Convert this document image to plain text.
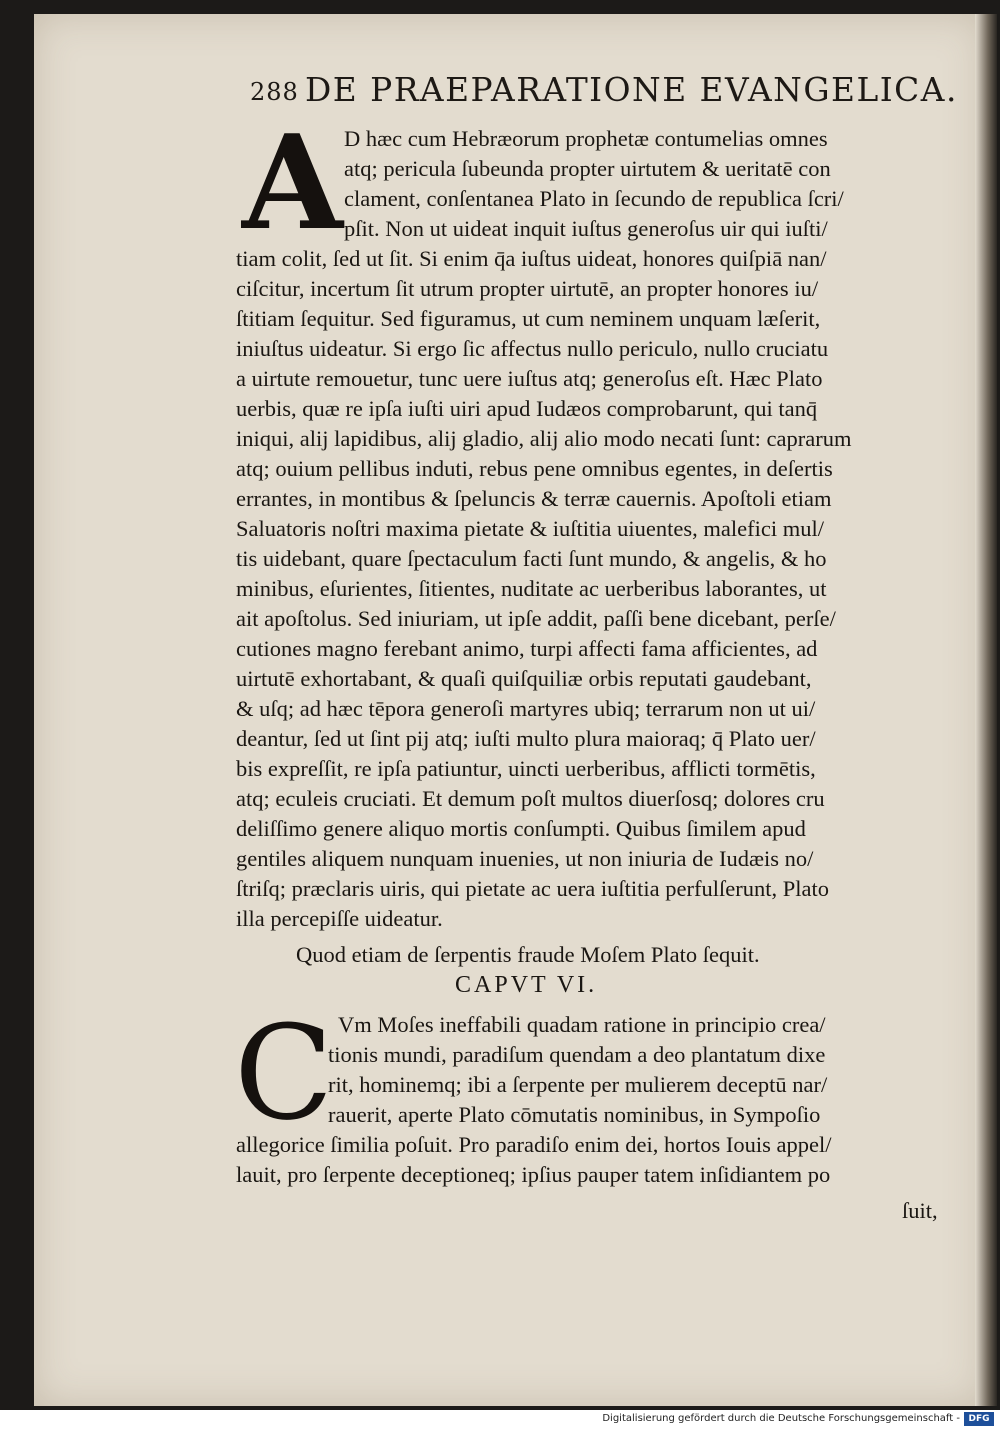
288 DE PRAEPARATIONE EVANGELICA.
A D hæc cum Hebræorum prophetæ contumelias omnes
atq; pericula ſubeunda propter uirtutem & ueritatē con
clament, conſentanea Plato in ſecundo de republica ſcri/
pſit. Non ut uideat inquit iuſtus generoſus uir qui iuſti/
tiam colit, ſed ut ſit. Si enim q̄a iuſtus uideat, honores quiſpiā nan/
ciſcitur, incertum ſit utrum propter uirtutē, an propter honores iu/
ſtitiam ſequitur. Sed figuramus, ut cum neminem unquam læſerit,
iniuſtus uideatur. Si ergo ſic affectus nullo periculo, nullo cruciatu
a uirtute remouetur, tunc uere iuſtus atq; generoſus eſt. Hæc Plato
uerbis, quæ re ipſa iuſti uiri apud Iudæos comprobarunt, qui tanq̄
iniqui, alij lapidibus, alij gladio, alij alio modo necati ſunt: caprarum
atq; ouium pellibus induti, rebus pene omnibus egentes, in deſertis
errantes, in montibus & ſpeluncis & terræ cauernis. Apoſtoli etiam
Saluatoris noſtri maxima pietate & iuſtitia uiuentes, malefici mul/
tis uidebant, quare ſpectaculum facti ſunt mundo, & angelis, & ho
minibus, eſurientes, ſitientes, nuditate ac uerberibus laborantes, ut
ait apoſtolus. Sed iniuriam, ut ipſe addit, paſſi bene dicebant, perſe/
cutiones magno ferebant animo, turpi affecti fama afficientes, ad
uirtutē exhortabant, & quaſi quiſquiliæ orbis reputati gaudebant,
& uſq; ad hæc tēpora generoſi martyres ubiq; terrarum non ut ui/
deantur, ſed ut ſint pij atq; iuſti multo plura maioraq; q̄ Plato uer/
bis expreſſit, re ipſa patiuntur, uincti uerberibus, afflicti tormētis,
atq; eculeis cruciati. Et demum poſt multos diuerſosq; dolores cru
deliſſimo genere aliquo mortis conſumpti. Quibus ſimilem apud
gentiles aliquem nunquam inuenies, ut non iniuria de Iudæis no/
ſtriſq; præclaris uiris, qui pietate ac uera iuſtitia perfulſerunt, Plato
illa percepiſſe uideatur.
Quod etiam de ſerpentis fraude Moſem Plato ſequit.
CAPVT VI.
C Vm Moſes ineffabili quadam ratione in principio crea/
tionis mundi, paradiſum quendam a deo plantatum dixe
rit, hominemq; ibi a ſerpente per mulierem deceptū nar/
rauerit, aperte Plato cōmutatis nominibus, in Sympoſio
allegorice ſimilia poſuit. Pro paradiſo enim dei, hortos Iouis appel/
lauit, pro ſerpente deceptioneq; ipſius pauper tatem inſidiantem po
ſuit,
Digitalisierung gefördert durch die Deutsche Forschungsgemeinschaft - DFG
